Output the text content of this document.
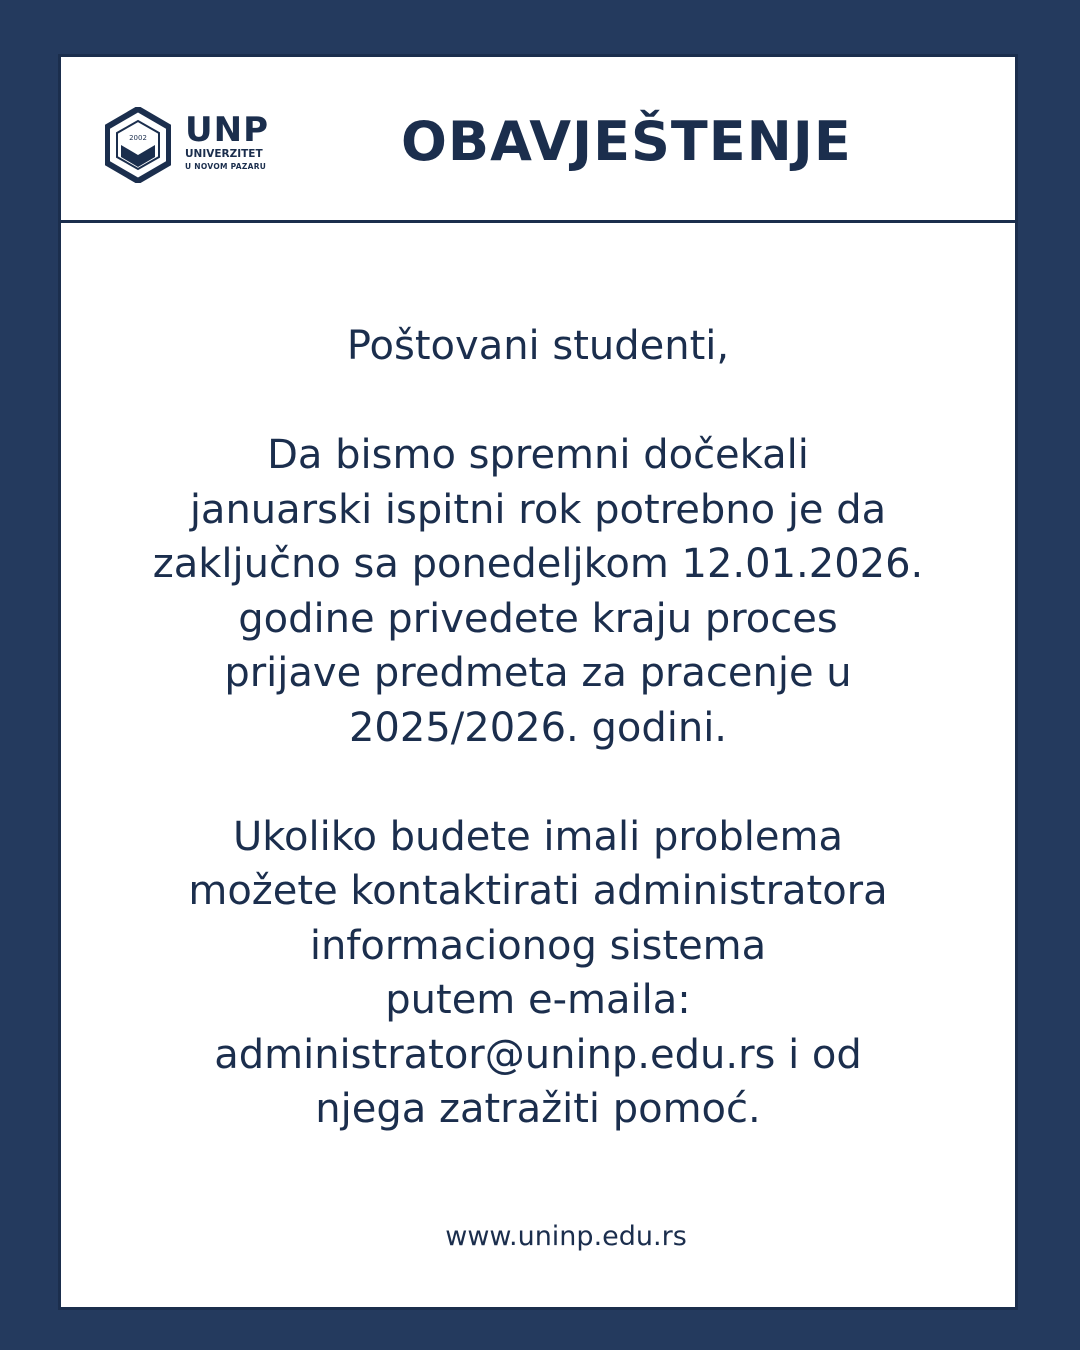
2002 UNP
UNIVERZITET
U NOVOM PAZARU	OBAVJEŠTENJE

Poštovani studenti,

Da bismo spremni dočekali

januarski ispitni rok potrebno je da

zaključno sa ponedeljkom 12.01.2026.

godine privedete kraju proces

prijave predmeta za pracenje u

2025/2026. godini.

Ukoliko budete imali problema

možete kontaktirati administratora

informacionog sistema

putem e-maila:

administrator@uninp.edu.rs i od

njega zatražiti pomoć.

www.uninp.edu.rs
